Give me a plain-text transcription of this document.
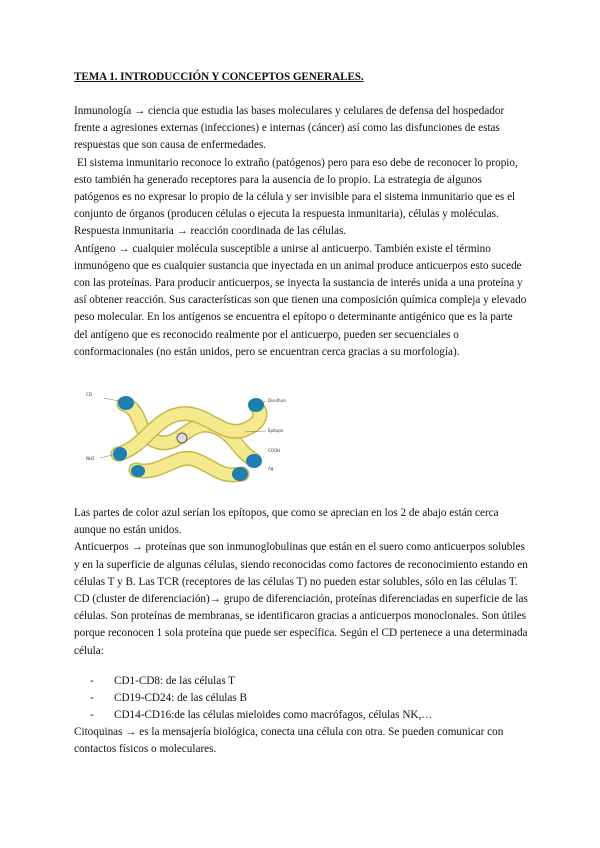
TEMA 1. INTRODUCCIÓN Y CONCEPTOS GENERALES.

Inmunología → ciencia que estudia las bases moleculares y celulares de defensa del hospedador frente a agresiones externas (infecciones) e internas (cáncer) así como las disfunciones de estas respuestas que son causa de enfermedades.

El sistema inmunitario reconoce lo extraño (patógenos) pero para eso debe de reconocer lo propio, esto también ha generado receptores para la ausencia de lo propio. La estrategia de algunos patógenos es no expresar lo propio de la célula y ser invisible para el sistema inmunitario que es el conjunto de órganos (producen células o ejecuta la respuesta inmunitaria), células y moléculas.

Respuesta inmunitaria → reacción coordinada de las células.

Antígeno → cualquier molécula susceptible a unirse al anticuerpo. También existe el término inmunógeno que es cualquier sustancia que inyectada en un animal produce anticuerpos esto sucede con las proteínas. Para producir anticuerpos, se inyecta la sustancia de interés unida a una proteína y así obtener reacción. Sus características son que tienen una composición química compleja y elevado peso molecular. En los antígenos se encuentra el epítopo o determinante antigénico que es la parte del antígeno que es reconocido realmente por el anticuerpo, pueden ser secuenciales o conformacionales (no están unidos, pero se encuentran cerca gracias a su morfología).

CD
Disulfuro
Epítopo
NH2
COOH
Ag

Las partes de color azul serían los epítopos, que como se aprecian en los 2 de abajo están cerca aunque no están unidos.

Anticuerpos → proteínas que son inmunoglobulinas que están en el suero como anticuerpos solubles y en la superficie de algunas células, siendo reconocidas como factores de reconocimiento estando en células T y B. Las TCR (receptores de las células T) no pueden estar solubles, sólo en las células T.

CD (cluster de diferenciación)→ grupo de diferenciación, proteínas diferenciadas en superficie de las células. Son proteínas de membranas, se identificaron gracias a anticuerpos monoclonales. Son útiles porque reconocen 1 sola proteína que puede ser específica. Según el CD pertenece a una determinada célula:

- CD1-CD8: de las células T
- CD19-CD24: de las células B
- CD14-CD16:de las células mieloides como macrófagos, células NK,…

Citoquinas → es la mensajería biológica, conecta una célula con otra. Se pueden comunicar con contactos físicos o moleculares.
